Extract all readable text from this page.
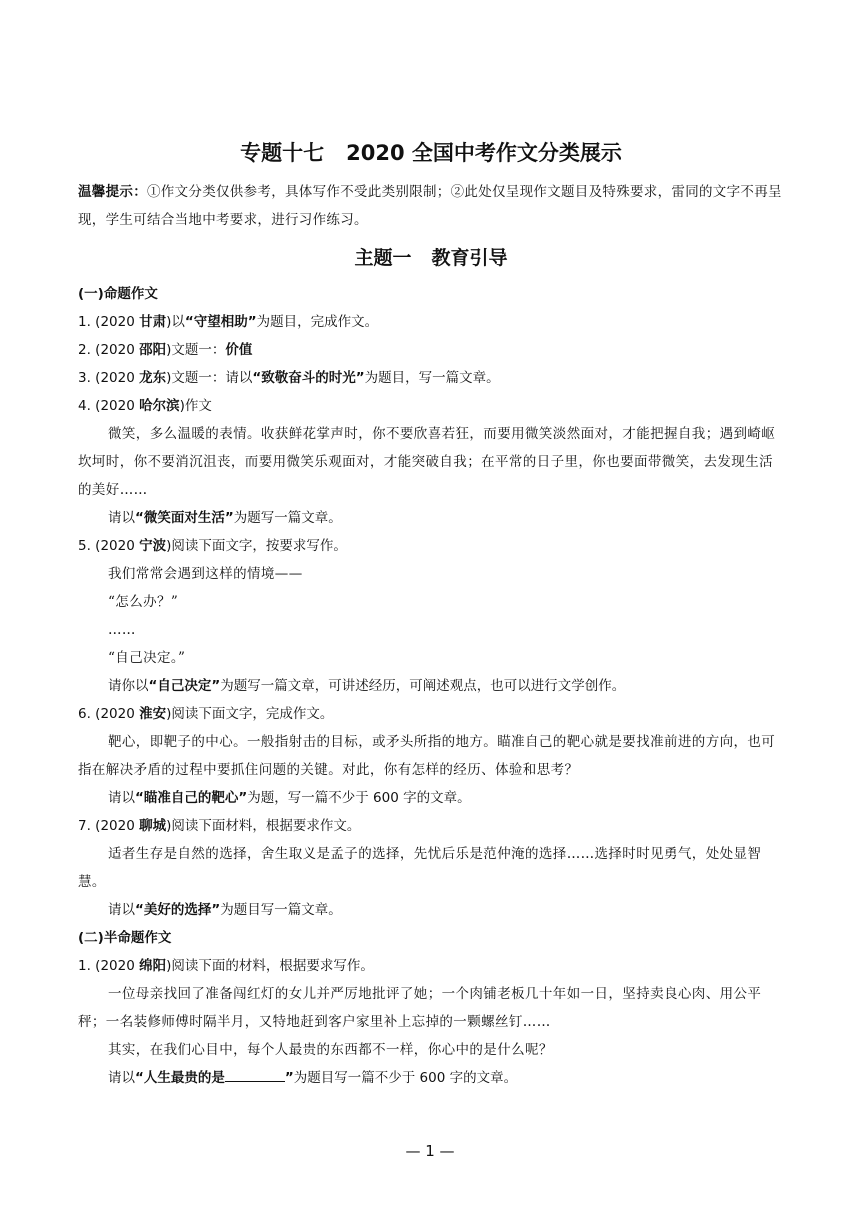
专题十七 2020 全国中考作文分类展示

温馨提示：①作文分类仅供参考，具体写作不受此类别限制；②此处仅呈现作文题目及特殊要求，雷同的文字不再呈现，学生可结合当地中考要求，进行习作练习。

主题一 教育引导

(一)命题作文

1. (2020 甘肃)以“守望相助”为题目，完成作文。

2. (2020 邵阳)文题一：价值

3. (2020 龙东)文题一：请以“致敬奋斗的时光”为题目，写一篇文章。

4. (2020 哈尔滨)作文

微笑，多么温暖的表情。收获鲜花掌声时，你不要欣喜若狂，而要用微笑淡然面对，才能把握自我；遇到崎岖坎坷时，你不要消沉沮丧，而要用微笑乐观面对，才能突破自我；在平常的日子里，你也要面带微笑，去发现生活的美好……

请以“微笑面对生活”为题写一篇文章。

5. (2020 宁波)阅读下面文字，按要求写作。

我们常常会遇到这样的情境——

“怎么办？”

……

“自己决定。”

请你以“自己决定”为题写一篇文章，可讲述经历，可阐述观点，也可以进行文学创作。

6. (2020 淮安)阅读下面文字，完成作文。

靶心，即靶子的中心。一般指射击的目标，或矛头所指的地方。瞄准自己的靶心就是要找准前进的方向，也可指在解决矛盾的过程中要抓住问题的关键。对此，你有怎样的经历、体验和思考？

请以“瞄准自己的靶心”为题，写一篇不少于 600 字的文章。

7. (2020 聊城)阅读下面材料，根据要求作文。

适者生存是自然的选择，舍生取义是孟子的选择，先忧后乐是范仲淹的选择……选择时时见勇气，处处显智慧。

请以“美好的选择”为题目写一篇文章。

(二)半命题作文

1. (2020 绵阳)阅读下面的材料，根据要求写作。

一位母亲找回了准备闯红灯的女儿并严厉地批评了她；一个肉铺老板几十年如一日，坚持卖良心肉、用公平秤；一名装修师傅时隔半月，又特地赶到客户家里补上忘掉的一颗螺丝钉……

其实，在我们心目中，每个人最贵的东西都不一样，你心中的是什么呢？

请以“人生最贵的是	”为题目写一篇不少于 600 字的文章。

— 1 —
